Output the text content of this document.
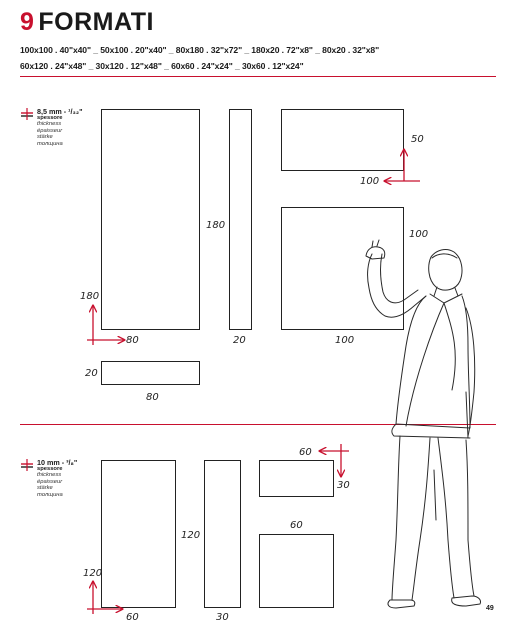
9 FORMATI
100x100 . 40"x40" _ 50x100 . 20"x40" _ 80x180 . 32"x72" _ 180x20 . 72"x8" _ 80x20 . 32"x8"
60x120 . 24"x48" _ 30x120 . 12"x48" _ 60x60 . 24"x24" _ 30x60 . 12"x24"
8,5 mm - ¹/₃₂"
spessore
thickness
épaisseur
stärke
толщина
180
80
180
20
50
100
100
100
20
80
10 mm - ³/₈"
spessore
thickness
épaisseur
stärke
толщина
120
60
120
30
30
60
60
49
